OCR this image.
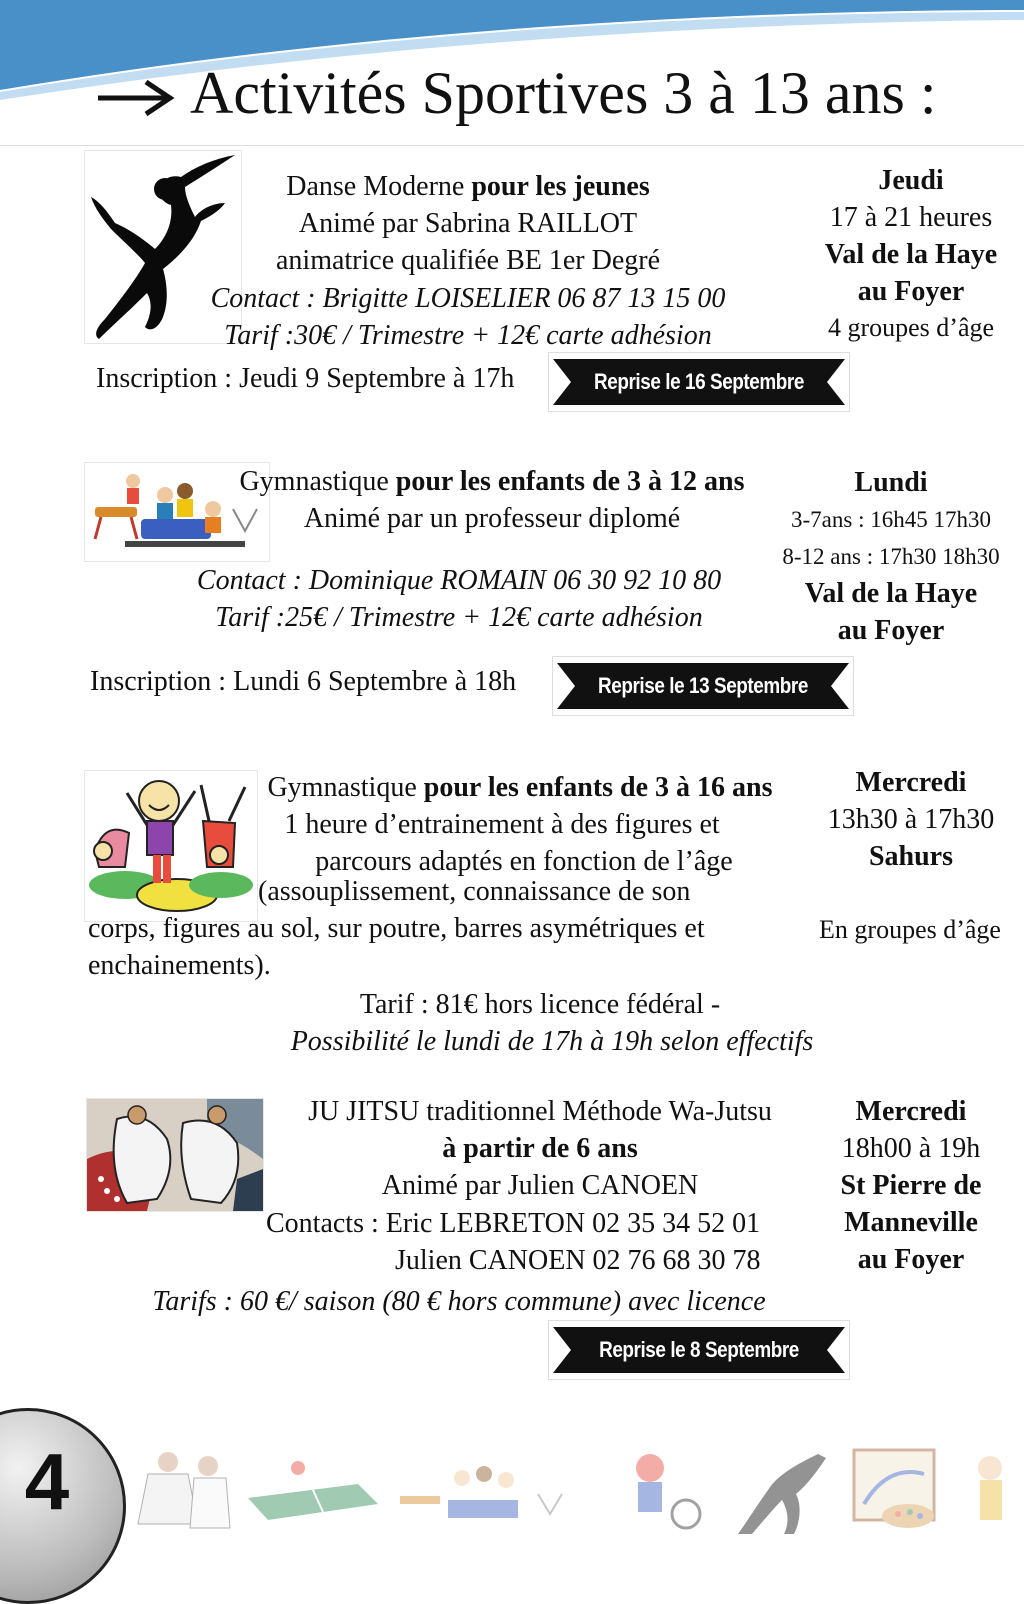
Activités Sportives 3 à 13 ans :
Danse Moderne pour les jeunes
Animé par Sabrina RAILLOT
animatrice qualifiée BE 1er Degré
Contact : Brigitte LOISELIER 06 87 13 15 00
Tarif :30€ / Trimestre + 12€ carte adhésion
Inscription : Jeudi 9 Septembre à 17h	Reprise le 16 Septembre
Jeudi
17 à 21 heures
Val de la Haye
au Foyer
4 groupes d’âge
Gymnastique pour les enfants de 3 à 12 ans
Animé par un professeur diplomé
Contact : Dominique ROMAIN 06 30 92 10 80
Tarif :25€ / Trimestre + 12€ carte adhésion
Inscription : Lundi 6 Septembre à 18h	Reprise le 13 Septembre
Lundi
3-7ans : 16h45 17h30
8-12 ans : 17h30 18h30
Val de la Haye
au Foyer
Gymnastique pour les enfants de 3 à 16 ans
1 heure d’entrainement à des figures et
parcours adaptés en fonction de l’âge
(assouplissement, connaissance de son
corps, figures au sol, sur poutre, barres asymétriques et
enchainements).
Tarif : 81€ hors licence fédéral -
Possibilité le lundi de 17h à 19h selon effectifs
Mercredi
13h30 à 17h30
Sahurs
En groupes d’âge
JU JITSU traditionnel Méthode Wa-Jutsu
à partir de 6 ans
Animé par Julien CANOEN
Contacts : Eric LEBRETON 02 35 34 52 01
Julien CANOEN 02 76 68 30 78
Tarifs : 60 €/ saison (80 € hors commune) avec licence
Reprise le 8 Septembre
Mercredi
18h00 à 19h
St Pierre de
Manneville
au Foyer
4
